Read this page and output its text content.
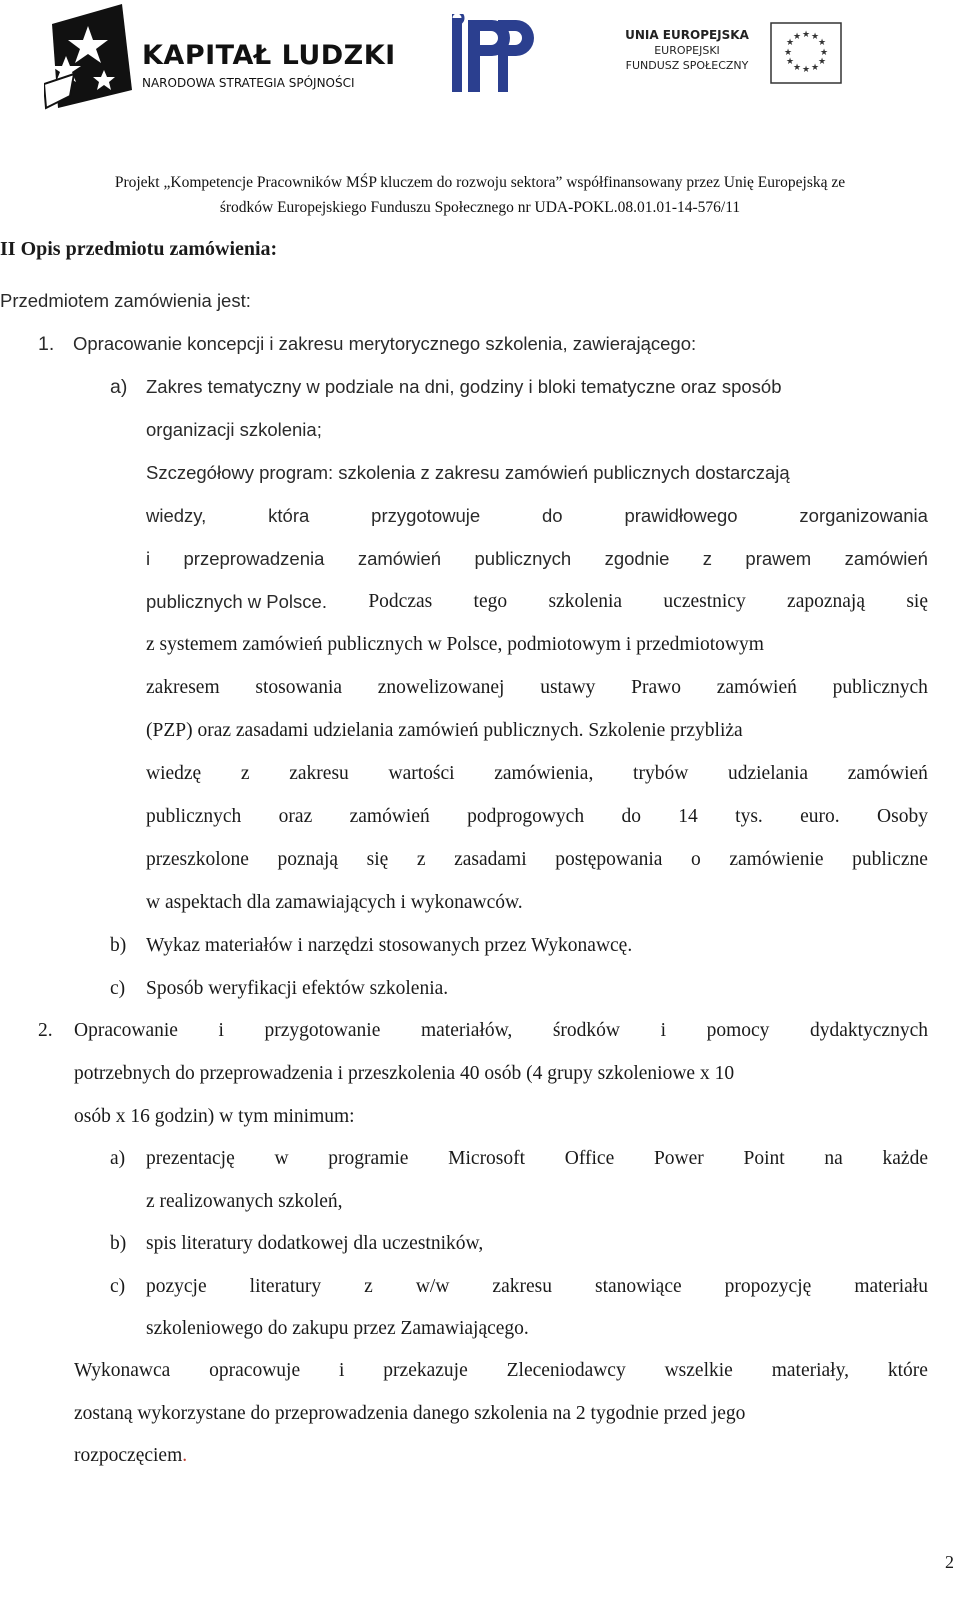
KAPITAŁ LUDZKI
NARODOWA STRATEGIA SPÓJNOŚCI
UNIA EUROPEJSKA
EUROPEJSKI
FUNDUSZ SPOŁECZNY
★ ★
★
★
★
★
★
★
★
★
★
★
Projekt „Kompetencje Pracowników MŚP kluczem do rozwoju sektora” współfinansowany przez Unię Europejską ze
środków Europejskiego Funduszu Społecznego nr UDA-POKL.08.01.01-14-576/11
II Opis przedmiotu zamówienia:
Przedmiotem zamówienia jest:
1. Opracowanie koncepcji i zakresu merytorycznego szkolenia, zawierającego:
a) Zakres tematyczny w podziale na dni, godziny i bloki tematyczne oraz sposób
organizacji szkolenia;
Szczegółowy program: szkolenia z zakresu zamówień publicznych dostarczają
wiedzy,	która	przygotowuje	do	prawidłowego	zorganizowania
i przeprowadzenia zamówień publicznych zgodnie z prawem zamówień
publicznych w Polsce. Podczas tego szkolenia uczestnicy zapoznają się
z systemem zamówień publicznych w Polsce, podmiotowym i przedmiotowym
zakresem stosowania znowelizowanej ustawy Prawo zamówień publicznych
(PZP) oraz zasadami udzielania zamówień publicznych. Szkolenie przybliża
wiedzę z zakresu wartości zamówienia, trybów udzielania zamówień
publicznych oraz zamówień podprogowych do 14 tys. euro. Osoby
przeszkolone poznają się z zasadami postępowania o zamówienie publiczne
w aspektach dla zamawiających i wykonawców.
b) Wykaz materiałów i narzędzi stosowanych przez Wykonawcę.
c) Sposób weryfikacji efektów szkolenia.
2. Opracowanie i przygotowanie materiałów, środków i pomocy dydaktycznych
potrzebnych do przeprowadzenia i przeszkolenia 40 osób (4 grupy szkoleniowe x 10
osób x 16 godzin) w tym minimum:
a) prezentację w programie Microsoft Office Power Point na każde
z realizowanych szkoleń,
b) spis literatury dodatkowej dla uczestników,
c) pozycje literatury z w/w zakresu stanowiące propozycję materiału
szkoleniowego do zakupu przez Zamawiającego.
Wykonawca opracowuje i przekazuje Zleceniodawcy wszelkie materiały, które
zostaną wykorzystane do przeprowadzenia danego szkolenia na 2 tygodnie przed jego
rozpoczęciem.
2
